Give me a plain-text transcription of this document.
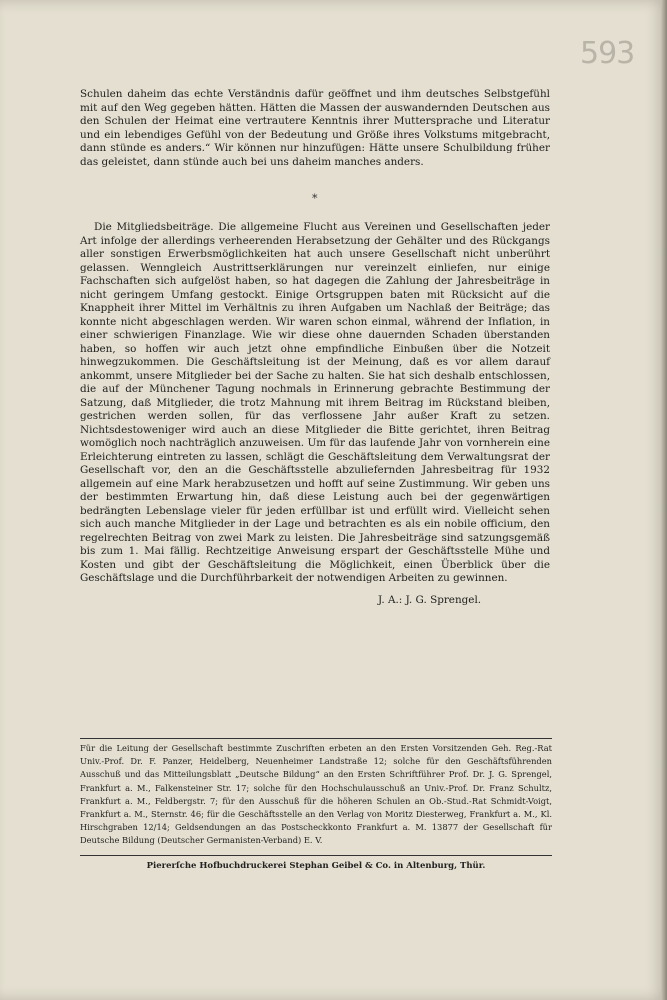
593
Schulen daheim das echte Verständnis dafür geöffnet und ihm deutsches Selbstgefühl mit auf den Weg gegeben hätten. Hätten die Massen der auswandernden Deutschen aus den Schulen der Heimat eine vertrautere Kenntnis ihrer Muttersprache und Literatur und ein lebendiges Gefühl von der Bedeutung und Größe ihres Volkstums mitgebracht, dann stünde es anders.“ Wir können nur hinzufügen: Hätte unsere Schulbildung früher das geleistet, dann stünde auch bei uns daheim manches anders.
*
Die Mitgliedsbeiträge. Die allgemeine Flucht aus Vereinen und Gesellschaften jeder Art infolge der allerdings verheerenden Herabsetzung der Gehälter und des Rückgangs aller sonstigen Erwerbsmöglichkeiten hat auch unsere Gesellschaft nicht unberührt gelassen. Wenngleich Austrittserklärungen nur vereinzelt einliefen, nur einige Fachschaften sich aufgelöst haben, so hat dagegen die Zahlung der Jahresbeiträge in nicht geringem Umfang gestockt. Einige Ortsgruppen baten mit Rücksicht auf die Knappheit ihrer Mittel im Verhältnis zu ihren Aufgaben um Nachlaß der Beiträge; das konnte nicht abgeschlagen werden. Wir waren schon einmal, während der Inflation, in einer schwierigen Finanzlage. Wie wir diese ohne dauernden Schaden überstanden haben, so hoffen wir auch jetzt ohne empfindliche Einbußen über die Notzeit hinwegzukommen. Die Geschäftsleitung ist der Meinung, daß es vor allem darauf ankommt, unsere Mitglieder bei der Sache zu halten. Sie hat sich deshalb entschlossen, die auf der Münchener Tagung nochmals in Erinnerung gebrachte Bestimmung der Satzung, daß Mitglieder, die trotz Mahnung mit ihrem Beitrag im Rückstand bleiben, gestrichen werden sollen, für das verflossene Jahr außer Kraft zu setzen. Nichtsdestoweniger wird auch an diese Mitglieder die Bitte gerichtet, ihren Beitrag womöglich noch nachträglich anzuweisen. Um für das laufende Jahr von vornherein eine Erleichterung eintreten zu lassen, schlägt die Geschäftsleitung dem Verwaltungsrat der Gesellschaft vor, den an die Geschäftsstelle abzuliefernden Jahresbeitrag für 1932 allgemein auf eine Mark herabzusetzen und hofft auf seine Zustimmung. Wir geben uns der bestimmten Erwartung hin, daß diese Leistung auch bei der gegenwärtigen bedrängten Lebenslage vieler für jeden erfüllbar ist und erfüllt wird. Vielleicht sehen sich auch manche Mitglieder in der Lage und betrachten es als ein nobile officium, den regelrechten Beitrag von zwei Mark zu leisten. Die Jahresbeiträge sind satzungsgemäß bis zum 1. Mai fällig. Rechtzeitige Anweisung erspart der Geschäftsstelle Mühe und Kosten und gibt der Geschäftsleitung die Möglichkeit, einen Überblick über die Geschäftslage und die Durchführbarkeit der notwendigen Arbeiten zu gewinnen.
J. A.: J. G. Sprengel.
Für die Leitung der Gesellschaft bestimmte Zuschriften erbeten an den Ersten Vorsitzenden Geh. Reg.-Rat Univ.-Prof. Dr. F. Panzer, Heidelberg, Neuenheimer Landstraße 12; solche für den Geschäftsführenden Ausschuß und das Mitteilungsblatt „Deutsche Bildung“ an den Ersten Schriftführer Prof. Dr. J. G. Sprengel, Frankfurt a. M., Falkensteiner Str. 17; solche für den Hochschulausschuß an Univ.-Prof. Dr. Franz Schultz, Frankfurt a. M., Feldbergstr. 7; für den Ausschuß für die höheren Schulen an Ob.-Stud.-Rat Schmidt-Voigt, Frankfurt a. M., Sternstr. 46; für die Geschäftsstelle an den Verlag von Moritz Diesterweg, Frankfurt a. M., Kl. Hirschgraben 12/14; Geldsendungen an das Postscheckkonto Frankfurt a. M. 13877 der Gesellschaft für Deutsche Bildung (Deutscher Germanisten-Verband) E. V.
Piererſche Hofbuchdruckerei Stephan Geibel & Co. in Altenburg, Thür.
